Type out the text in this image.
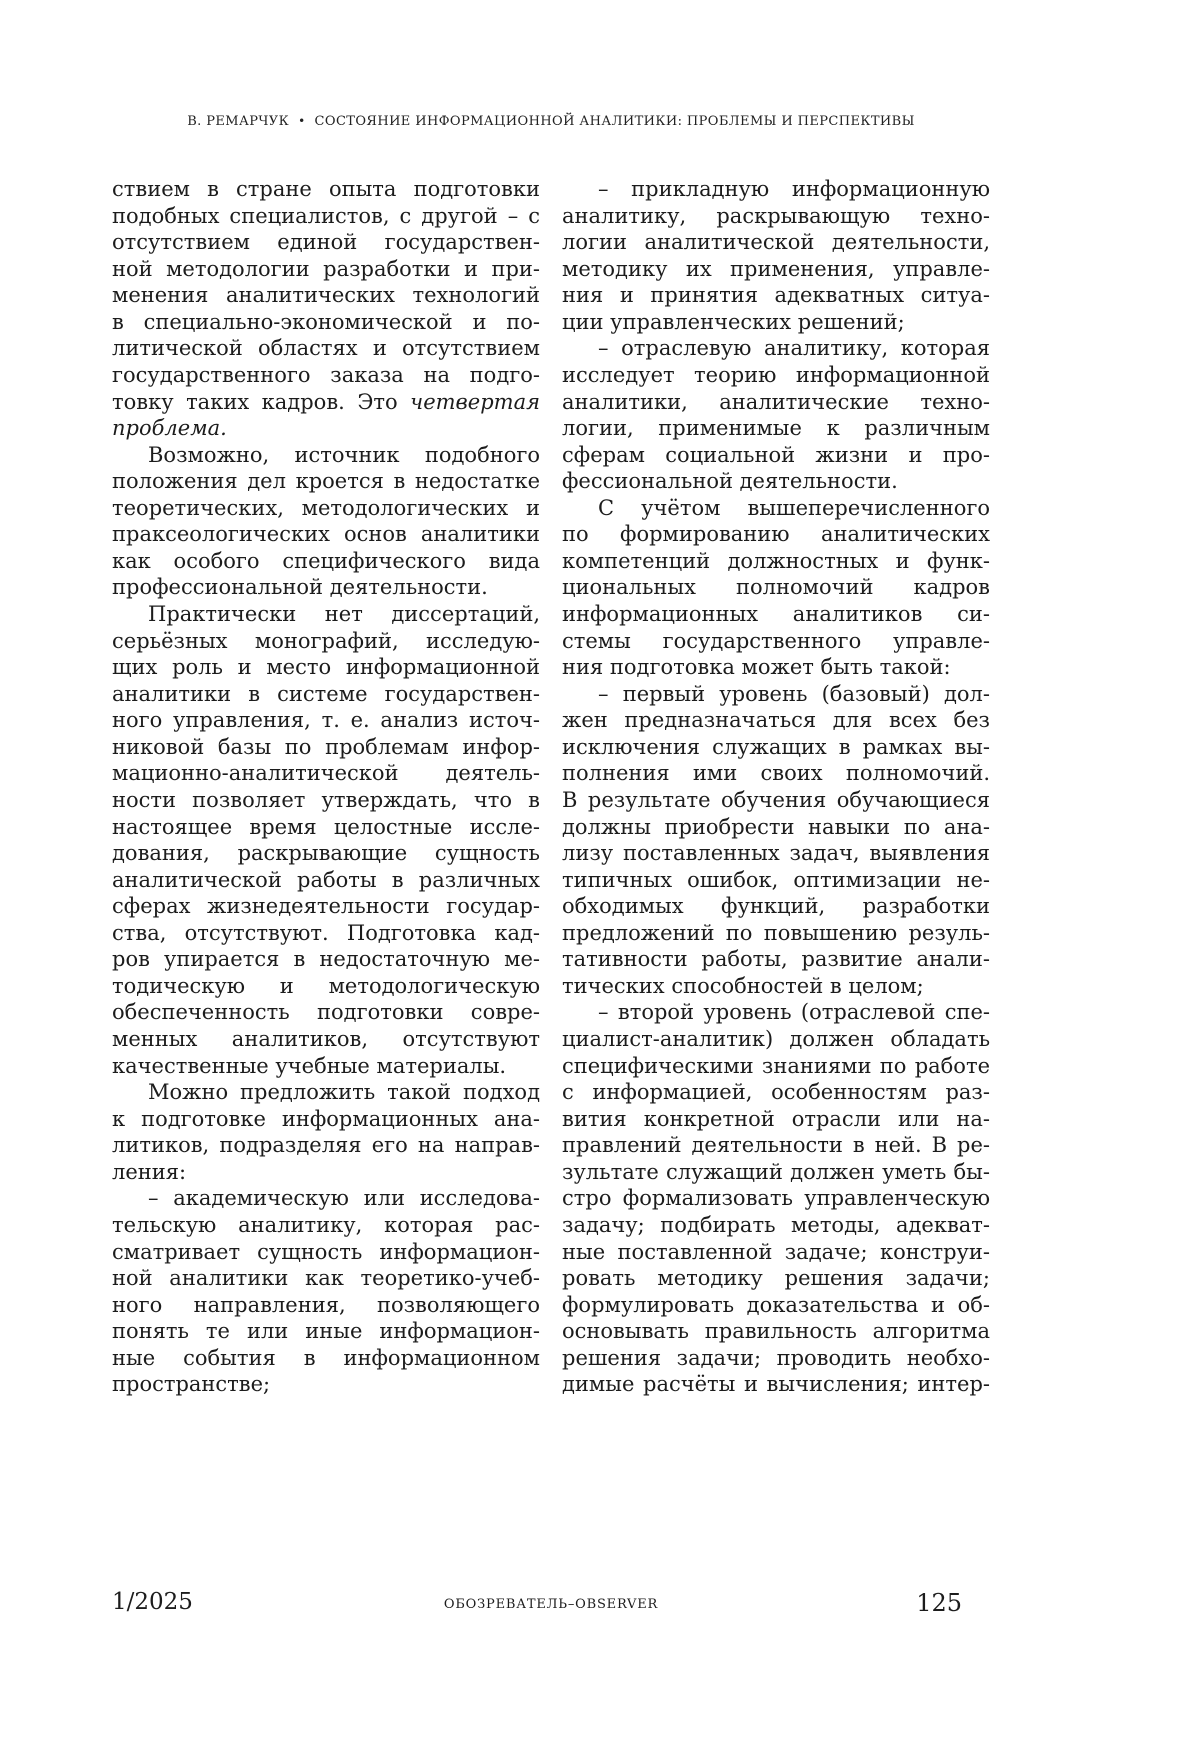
В. РЕМАРЧУК • СОСТОЯНИЕ ИНФОРМАЦИОННОЙ АНАЛИТИКИ: ПРОБЛЕМЫ И ПЕРСПЕКТИВЫ
ствием в стране опыта подготовки
подобных специалистов, с другой – с
отсутствием единой государствен-
ной методологии разработки и при-
менения аналитических технологий
в специально-экономической и по-
литической областях и отсутствием
государственного заказа на подго-
товку таких кадров. Это четвертая
проблема.
Возможно, источник подобного
положения дел кроется в недостатке
теоретических, методологических и
праксеологических основ аналитики
как особого специфического вида
профессиональной деятельности.
Практически нет диссертаций,
серьёзных монографий, исследую-
щих роль и место информационной
аналитики в системе государствен-
ного управления, т. е. анализ источ-
никовой базы по проблемам инфор-
мационно-аналитической деятель-
ности позволяет утверждать, что в
настоящее время целостные иссле-
дования, раскрывающие сущность
аналитической работы в различных
сферах жизнедеятельности государ-
ства, отсутствуют. Подготовка кад-
ров упирается в недостаточную ме-
тодическую и методологическую
обеспеченность подготовки совре-
менных аналитиков, отсутствуют
качественные учебные материалы.
Можно предложить такой подход
к подготовке информационных ана-
литиков, подразделяя его на направ-
ления:
– академическую или исследова-
тельскую аналитику, которая рас-
сматривает сущность информацион-
ной аналитики как теоретико-учеб-
ного направления, позволяющего
понять те или иные информацион-
ные события в информационном
пространстве;
– прикладную информационную
аналитику, раскрывающую техно-
логии аналитической деятельности,
методику их применения, управле-
ния и принятия адекватных ситуа-
ции управленческих решений;
– отраслевую аналитику, которая
исследует теорию информационной
аналитики, аналитические техно-
логии, применимые к различным
сферам социальной жизни и про-
фессиональной деятельности.
С учётом вышеперечисленного
по формированию аналитических
компетенций должностных и функ-
циональных полномочий кадров
информационных аналитиков си-
стемы государственного управле-
ния подготовка может быть такой:
– первый уровень (базовый) дол-
жен предназначаться для всех без
исключения служащих в рамках вы-
полнения ими своих полномочий.
В результате обучения обучающиеся
должны приобрести навыки по ана-
лизу поставленных задач, выявления
типичных ошибок, оптимизации не-
обходимых функций, разработки
предложений по повышению резуль-
тативности работы, развитие анали-
тических способностей в целом;
– второй уровень (отраслевой спе-
циалист-аналитик) должен обладать
специфическими знаниями по работе
с информацией, особенностям раз-
вития конкретной отрасли или на-
правлений деятельности в ней. В ре-
зультате служащий должен уметь бы-
стро формализовать управленческую
задачу; подбирать методы, адекват-
ные поставленной задаче; конструи-
ровать методику решения задачи;
формулировать доказательства и об-
основывать правильность алгоритма
решения задачи; проводить необхо-
димые расчёты и вычисления; интер-
1/2025	ОБОЗРЕВАТЕЛЬ–OBSERVER	125
